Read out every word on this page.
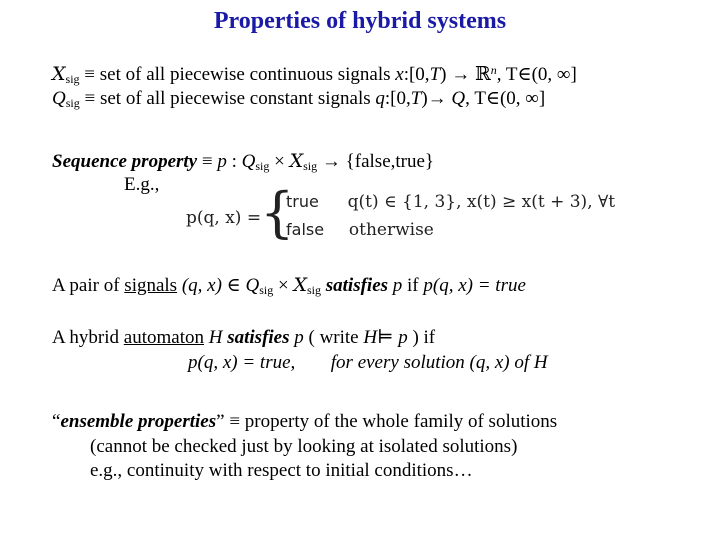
Properties of hybrid systems
$X_{sig}$ ≡ set of all piecewise continuous signals x:[0,T) → ℝ$^n$, T∈(0, ∞]
$Q_{sig}$ ≡ set of all piecewise constant signals q:[0,T)→ Q, T∈(0, ∞]
Sequence property ≡ p : $Q_{sig} \times X_{sig}$ → {false,true}
E.g.,
p(q, x) =
{
true q(t) ∈ {1, 3}, x(t) ≥ x(t + 3), ∀t
false otherwise
A pair of signals (q, x) ∈ $Q_{sig} \times X_{sig}$ satisfies p if p(q, x) = true
A hybrid automaton H satisfies p ( write H⊨ p ) if
p(q, x) = true, for every solution (q, x) of H
“ensemble properties” ≡ property of the whole family of solutions
(cannot be checked just by looking at isolated solutions)
e.g., continuity with respect to initial conditions…
